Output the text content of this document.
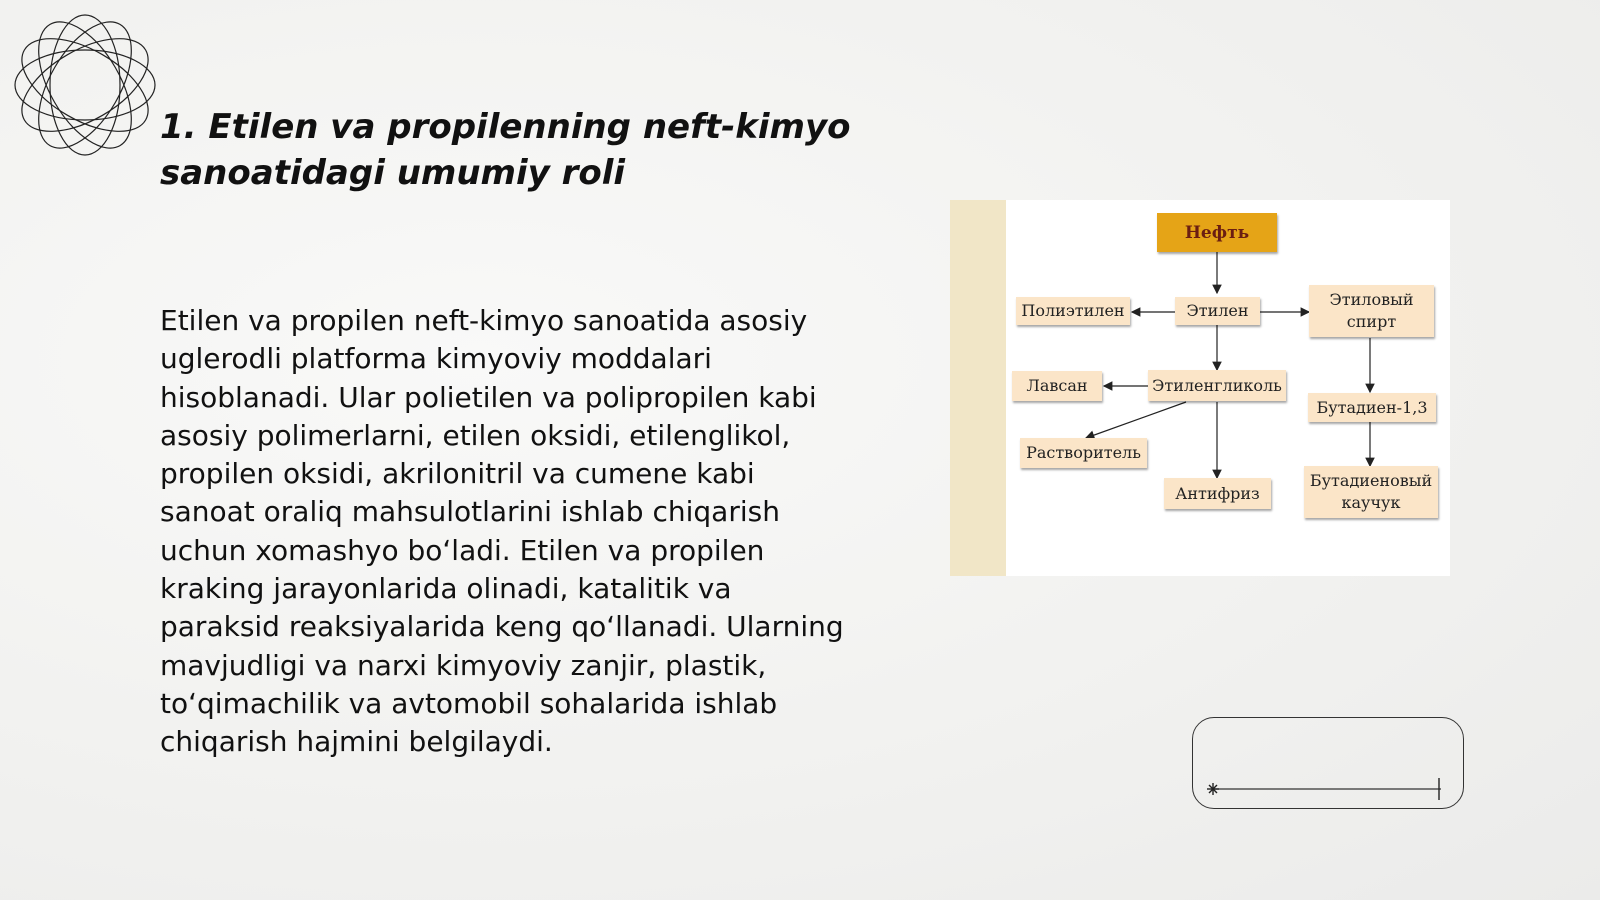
1. Etilen va propilenning neft-kimyo
sanoatidagi umumiy roli

Etilen va propilen neft-kimyo sanoatida asosiy uglerodli platforma kimyoviy moddalari hisoblanadi. Ular polietilen va polipropilen kabi asosiy polimerlarni, etilen oksidi, etilenglikol, propilen oksidi, akrilonitril va cumene kabi sanoat oraliq mahsulotlarini ishlab chiqarish uchun xomashyo boʻladi. Etilen va propilen kraking jarayonlarida olinadi, katalitik va paraksid reaksiyalarida keng qoʻllanadi. Ularning mavjudligi va narxi kimyoviy zanjir, plastik, toʻqimachilik va avtomobil sohalarida ishlab chiqarish hajmini belgilaydi.

Нефть
Этилен
Полиэтилен
Этиловый спирт
Лавсан	Этиленгликоль
Бутадиен-1,3
Растворитель
Антифриз
Бутадиеновый каучук
